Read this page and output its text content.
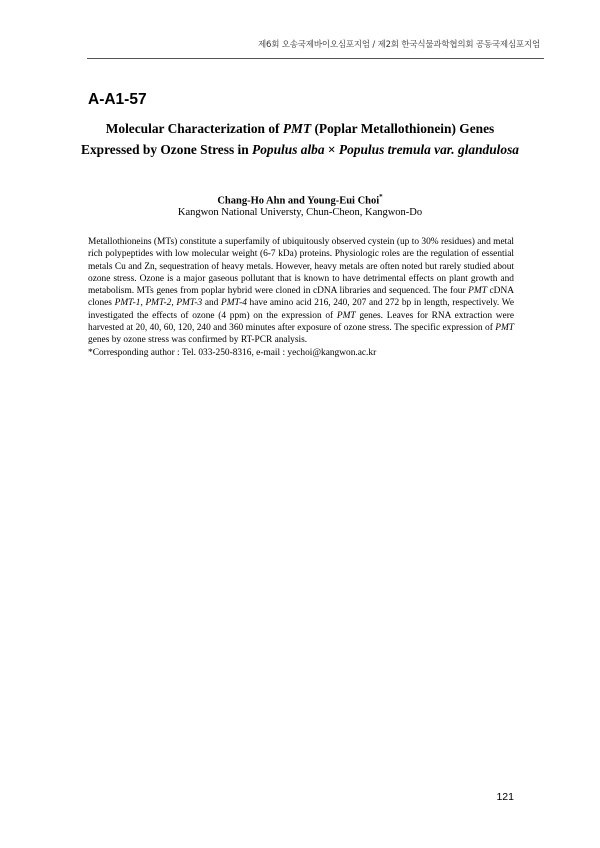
제6회 오송국제바이오심포지엄 / 제2회 한국식물과학협의회 공동국제심포지엄
A-A1-57
Molecular Characterization of PMT (Poplar Metallothionein) Genes Expressed by Ozone Stress in Populus alba × Populus tremula var. glandulosa
Chang-Ho Ahn and Young-Eui Choi*
Kangwon National Universty, Chun-Cheon, Kangwon-Do

Metallothioneins (MTs) constitute a superfamily of ubiquitously observed cystein (up to 30% residues) and metal rich polypeptides with low molecular weight (6-7 kDa) proteins. Physiologic roles are the regulation of essential metals Cu and Zn, sequestration of heavy metals. However, heavy metals are often noted but rarely studied about ozone stress. Ozone is a major gaseous pollutant that is known to have detrimental effects on plant growth and metabolism. MTs genes from poplar hybrid were cloned in cDNA libraries and sequenced. The four PMT cDNA clones PMT-1, PMT-2, PMT-3 and PMT-4 have amino acid 216, 240, 207 and 272 bp in length, respectively. We investigated the effects of ozone (4 ppm) on the expression of PMT genes. Leaves for RNA extraction were harvested at 20, 40, 60, 120, 240 and 360 minutes after exposure of ozone stress. The specific expression of PMT genes by ozone stress was confirmed by RT-PCR analysis.

*Corresponding author : Tel. 033-250-8316, e-mail : yechoi@kangwon.ac.kr

121
